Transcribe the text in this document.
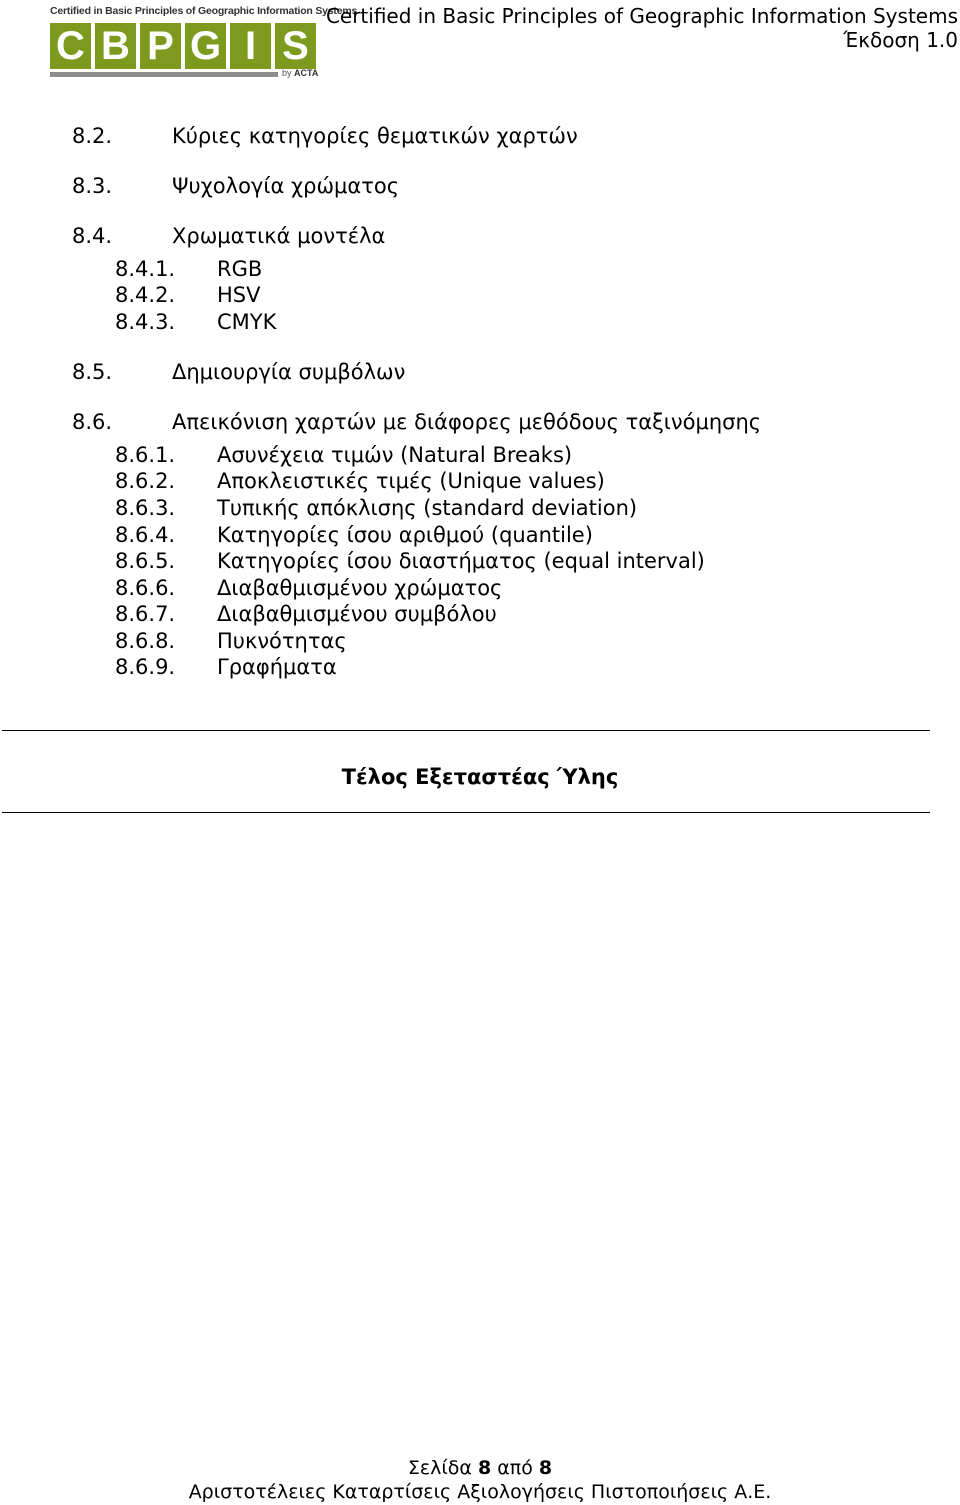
Certified in Basic Principles of Geographic Information Systems
C B P G I S
by ACTA
Certified in Basic Principles of Geographic Information Systems
Έκδοση 1.0
8.2.	Κύριες κατηγορίες θεματικών χαρτών
8.3.	Ψυχολογία χρώματος
8.4.	Χρωματικά μοντέλα
8.4.1. RGB
8.4.2. HSV
8.4.3. CMYK
8.5.	Δημιουργία συμβόλων
8.6.	Απεικόνιση χαρτών με διάφορες μεθόδους ταξινόμησης
8.6.1. Ασυνέχεια τιμών (Natural Breaks)
8.6.2. Αποκλειστικές τιμές (Unique values)
8.6.3. Τυπικής απόκλισης (standard deviation)
8.6.4. Κατηγορίες ίσου αριθμού (quantile)
8.6.5. Κατηγορίες ίσου διαστήματος (equal interval)
8.6.6. Διαβαθμισμένου χρώματος
8.6.7. Διαβαθμισμένου συμβόλου
8.6.8. Πυκνότητας
8.6.9. Γραφήματα
Τέλος Εξεταστέας Ύλης
Σελίδα 8 από 8
Αριστοτέλειες Καταρτίσεις Αξιολογήσεις Πιστοποιήσεις Α.Ε.
